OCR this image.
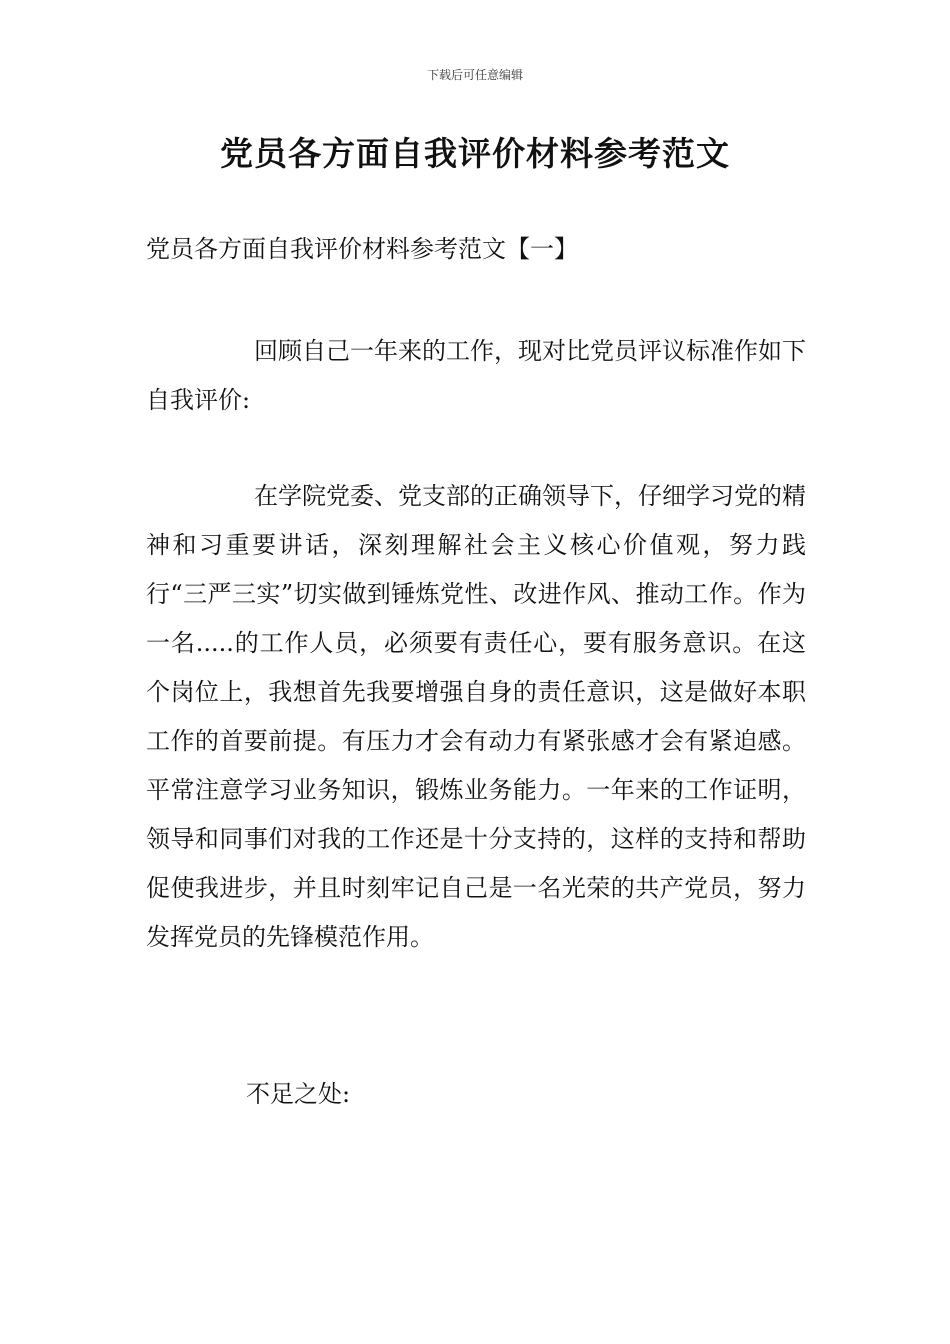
下载后可任意编辑
党员各方面自我评价材料参考范文

党员各方面自我评价材料参考范文【一】

回顾自己一年来的工作，现对比党员评议标准作如下自我评价:

在学院党委、党支部的正确领导下，仔细学习党的精神和习重要讲话，深刻理解社会主义核心价值观，努力践行“三严三实”切实做到锤炼党性、改进作风、推动工作。作为一名.....的工作人员，必须要有责任心，要有服务意识。在这个岗位上，我想首先我要增强自身的责任意识，这是做好本职工作的首要前提。有压力才会有动力有紧张感才会有紧迫感。平常注意学习业务知识，锻炼业务能力。一年来的工作证明，领导和同事们对我的工作还是十分支持的，这样的支持和帮助促使我进步，并且时刻牢记自己是一名光荣的共产党员，努力发挥党员的先锋模范作用。

不足之处:
